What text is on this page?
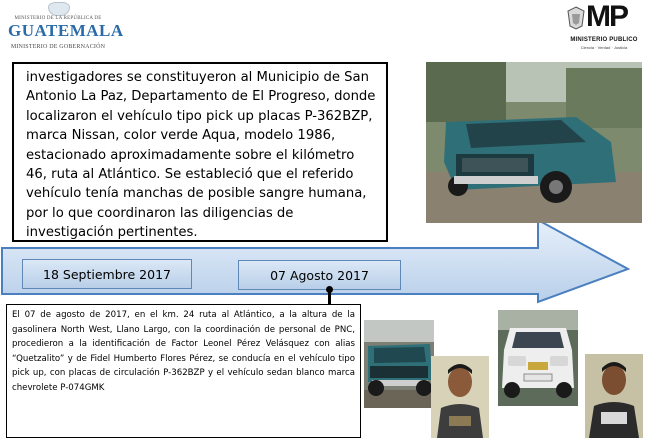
MINISTERIO DE LA REPÚBLICA DE
GUATEMALA
MINISTERIO DE GOBERNACIÓN
MP
MINISTERIO PUBLICO
Ciencia · Verdad · Justicia

investigadores se constituyeron al Municipio de San Antonio La Paz, Departamento de El Progreso, donde localizaron el vehículo tipo pick up placas P-362BZP, marca Nissan, color verde Aqua, modelo 1986, estacionado aproximadamente sobre el kilómetro 46, ruta al Atlántico. Se estableció que el referido vehículo tenía manchas de posible sangre humana, por lo que coordinaron las diligencias de investigación pertinentes.

18 Septiembre 2017	07 Agosto 2017

El 07 de agosto de 2017, en el km. 24 ruta al Atlántico, a la altura de la gasolinera North West, Llano Largo, con la coordinación de personal de PNC, procedieron a la identificación de Factor Leonel Pérez Velásquez con alias “Quetzalito” y de Fidel Humberto Flores Pérez, se conducía en el vehículo tipo pick up, con placas de circulación P-362BZP y el vehículo sedan blanco marca chevrolete P-074GMK
